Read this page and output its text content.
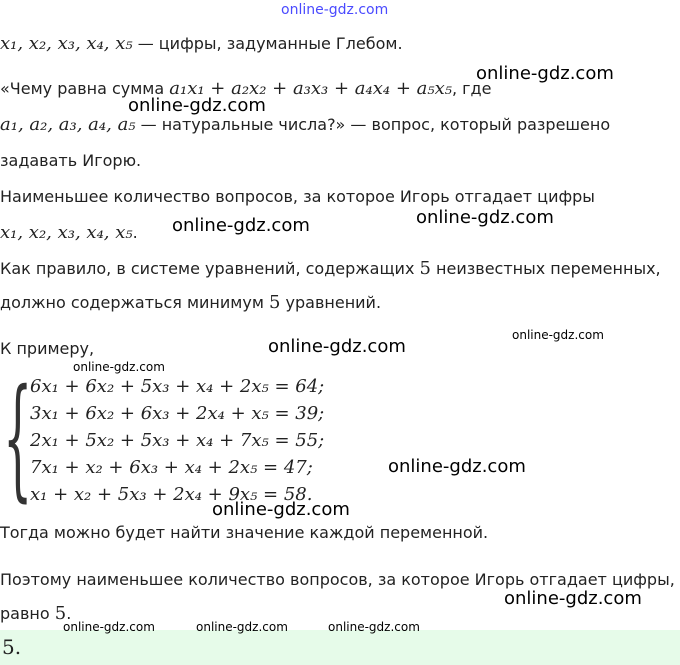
online-gdz.com
x₁, x₂, x₃, x₄, x₅ — цифры, задуманные Глебом.
«Чему равна сумма a₁x₁ + a₂x₂ + a₃x₃ + a₄x₄ + a₅x₅, где
a₁, a₂, a₃, a₄, a₅ — натуральные числа?» — вопрос, который разрешено
задавать Игорю.
Наименьшее количество вопросов, за которое Игорь отгадает цифры
x₁, x₂, x₃, x₄, x₅.
Как правило, в системе уравнений, содержащих 5 неизвестных переменных,
должно содержаться минимум 5 уравнений.
К примеру,
{
6x₁ + 6x₂ + 5x₃ + x₄ + 2x₅ = 64;
3x₁ + 6x₂ + 6x₃ + 2x₄ + x₅ = 39;
2x₁ + 5x₂ + 5x₃ + x₄ + 7x₅ = 55;
7x₁ + x₂ + 6x₃ + x₄ + 2x₅ = 47;
x₁ + x₂ + 5x₃ + 2x₄ + 9x₅ = 58.
Тогда можно будет найти значение каждой переменной.
Поэтому наименьшее количество вопросов, за которое Игорь отгадает цифры,
равно 5.
5.
online-gdz.com
online-gdz.com
online-gdz.com
online-gdz.com
online-gdz.com
online-gdz.com
online-gdz.com
online-gdz.com
online-gdz.com
online-gdz.com
online-gdz.com	online-gdz.com	online-gdz.com
